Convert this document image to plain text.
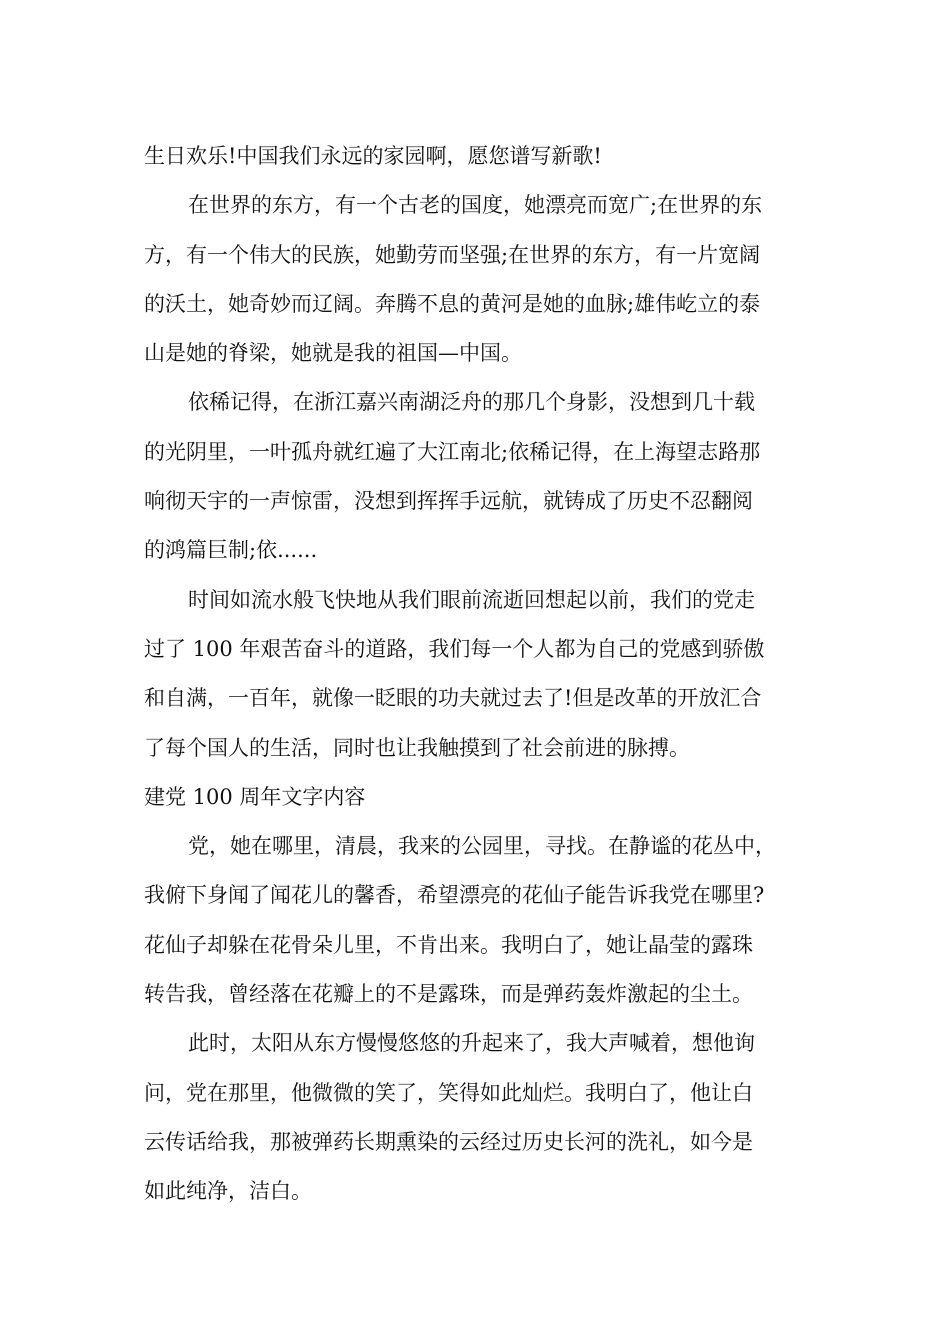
生日欢乐!中国我们永远的家园啊，愿您谱写新歌!
在世界的东方，有一个古老的国度，她漂亮而宽广;在世界的东
方，有一个伟大的民族，她勤劳而坚强;在世界的东方，有一片宽阔
的沃土，她奇妙而辽阔。奔腾不息的黄河是她的血脉;雄伟屹立的泰
山是她的脊梁，她就是我的祖国—中国。
依稀记得，在浙江嘉兴南湖泛舟的那几个身影，没想到几十载
的光阴里，一叶孤舟就红遍了大江南北;依稀记得，在上海望志路那
响彻天宇的一声惊雷，没想到挥挥手远航，就铸成了历史不忍翻阅
的鸿篇巨制;依......
时间如流水般飞快地从我们眼前流逝回想起以前，我们的党走
过了 100 年艰苦奋斗的道路，我们每一个人都为自己的党感到骄傲
和自满，一百年，就像一眨眼的功夫就过去了!但是改革的开放汇合
了每个国人的生活，同时也让我触摸到了社会前进的脉搏。
建党 100 周年文字内容
党，她在哪里，清晨，我来的公园里，寻找。在静谧的花丛中，
我俯下身闻了闻花儿的馨香，希望漂亮的花仙子能告诉我党在哪里?
花仙子却躲在花骨朵儿里，不肯出来。我明白了，她让晶莹的露珠
转告我，曾经落在花瓣上的不是露珠，而是弹药轰炸激起的尘土。
此时，太阳从东方慢慢悠悠的升起来了，我大声喊着，想他询
问，党在那里，他微微的笑了，笑得如此灿烂。我明白了，他让白
云传话给我，那被弹药长期熏染的云经过历史长河的洗礼，如今是
如此纯净，洁白。
